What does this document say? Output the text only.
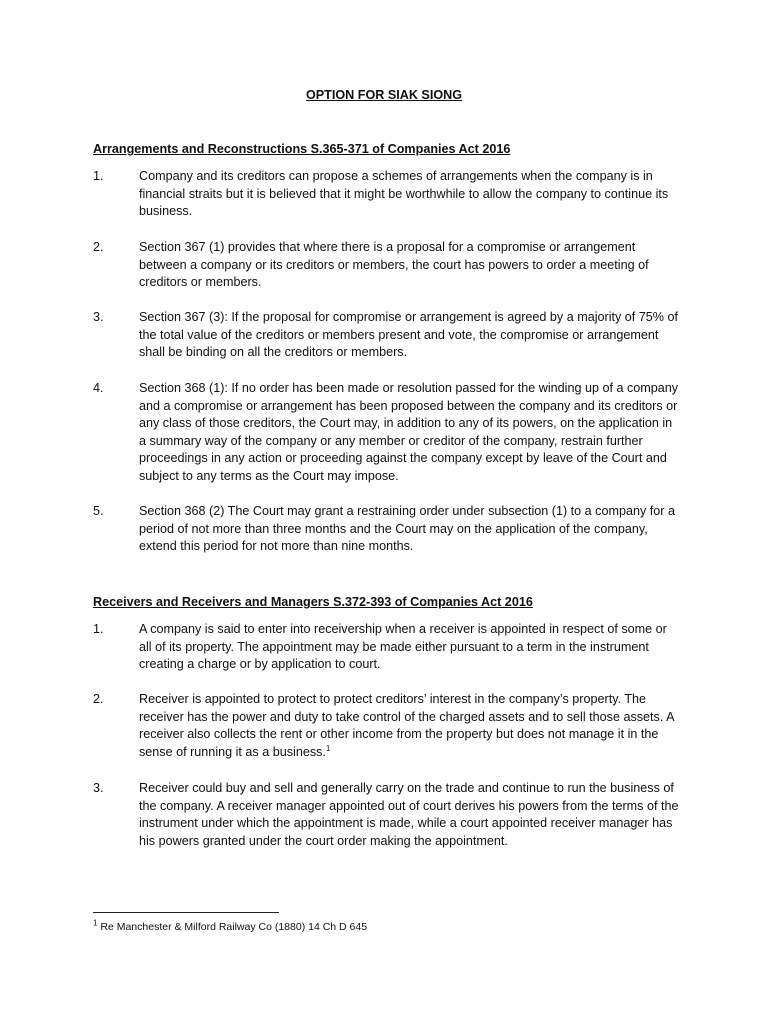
OPTION FOR SIAK SIONG
Arrangements and Reconstructions S.365-371 of Companies Act 2016
1.	Company and its creditors can propose a schemes of arrangements when the company is in financial straits but it is believed that it might be worthwhile to allow the company to continue its business.
2.	Section 367 (1) provides that where there is a proposal for a compromise or arrangement between a company or its creditors or members, the court has powers to order a meeting of creditors or members.
3.	Section 367 (3): If the proposal for compromise or arrangement is agreed by a majority of 75% of the total value of the creditors or members present and vote, the compromise or arrangement shall be binding on all the creditors or members.
4.	Section 368 (1): If no order has been made or resolution passed for the winding up of a company and a compromise or arrangement has been proposed between the company and its creditors or any class of those creditors, the Court may, in addition to any of its powers, on the application in a summary way of the company or any member or creditor of the company, restrain further proceedings in any action or proceeding against the company except by leave of the Court and subject to any terms as the Court may impose.
5.	Section 368 (2) The Court may grant a restraining order under subsection (1) to a company for a period of not more than three months and the Court may on the application of the company, extend this period for not more than nine months.
Receivers and Receivers and Managers S.372-393 of Companies Act 2016
1.	A company is said to enter into receivership when a receiver is appointed in respect of some or all of its property. The appointment may be made either pursuant to a term in the instrument creating a charge or by application to court.
2.	Receiver is appointed to protect to protect creditors’ interest in the company’s property. The receiver has the power and duty to take control of the charged assets and to sell those assets. A receiver also collects the rent or other income from the property but does not manage it in the sense of running it as a business.$^1$
3.	Receiver could buy and sell and generally carry on the trade and continue to run the business of the company. A receiver manager appointed out of court derives his powers from the terms of the instrument under which the appointment is made, while a court appointed receiver manager has his powers granted under the court order making the appointment.
$^1$ Re Manchester & Milford Railway Co (1880) 14 Ch D 645
